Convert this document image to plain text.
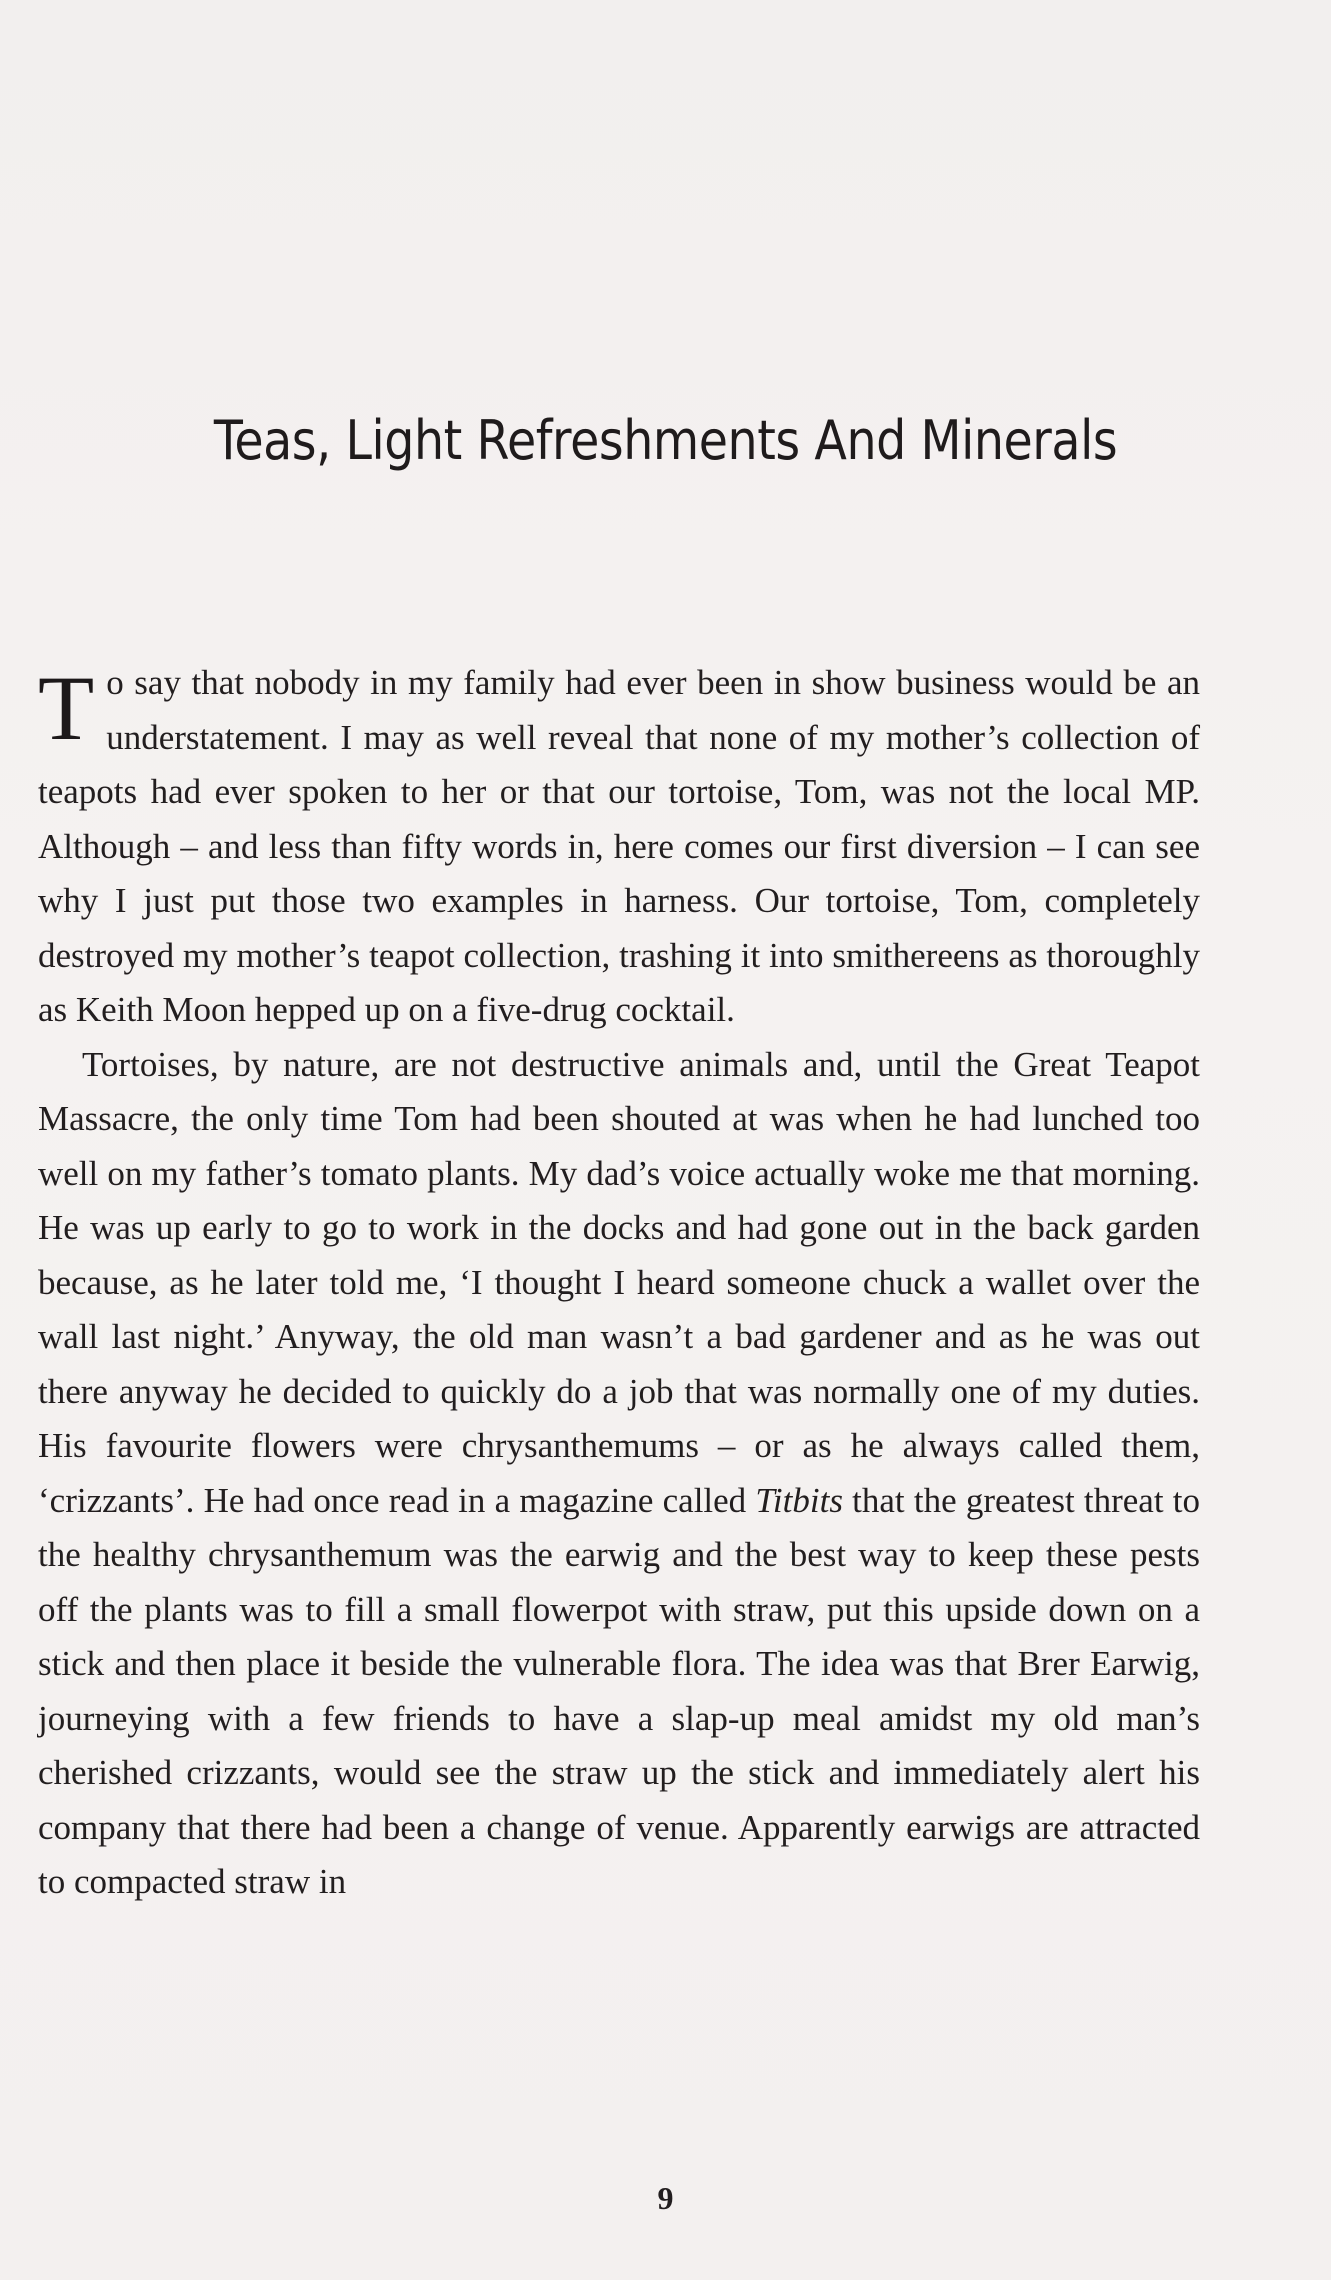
Teas, Light Refreshments And Minerals

To say that nobody in my family had ever been in show business would be an understatement. I may as well reveal that none of my mother’s collection of teapots had ever spoken to her or that our tortoise, Tom, was not the local MP. Although – and less than fifty words in, here comes our first diversion – I can see why I just put those two examples in harness. Our tortoise, Tom, completely destroyed my mother’s teapot collection, trashing it into smithereens as thoroughly as Keith Moon hepped up on a five-drug cocktail.

Tortoises, by nature, are not destructive animals and, until the Great Teapot Massacre, the only time Tom had been shouted at was when he had lunched too well on my father’s tomato plants. My dad’s voice actually woke me that morning. He was up early to go to work in the docks and had gone out in the back garden because, as he later told me, ‘I thought I heard someone chuck a wallet over the wall last night.’ Anyway, the old man wasn’t a bad gardener and as he was out there anyway he decided to quickly do a job that was normally one of my duties. His favourite flowers were chrysanthemums – or as he always called them, ‘crizzants’. He had once read in a magazine called Titbits that the greatest threat to the healthy chrysanthemum was the earwig and the best way to keep these pests off the plants was to fill a small flowerpot with straw, put this upside down on a stick and then place it beside the vulnerable flora. The idea was that Brer Earwig, journeying with a few friends to have a slap-up meal amidst my old man’s cherished crizzants, would see the straw up the stick and immediately alert his company that there had been a change of venue. Apparently earwigs are attracted to compacted straw in

9
